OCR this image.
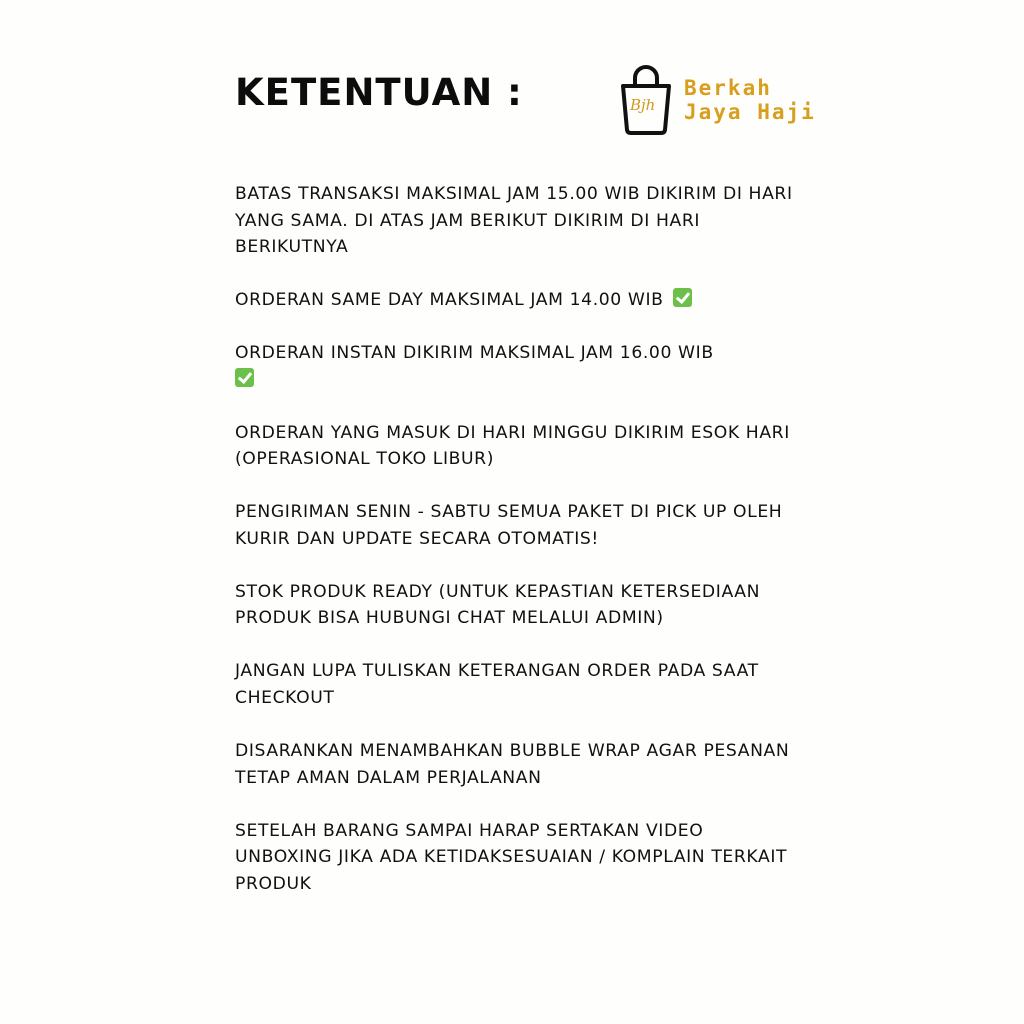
KETENTUAN :	Bjh
Berkah
Jaya Haji

BATAS TRANSAKSI MAKSIMAL JAM 15.00 WIB DIKIRIM DI HARI YANG SAMA. DI ATAS JAM BERIKUT DIKIRIM DI HARI BERIKUTNYA

ORDERAN SAME DAY MAKSIMAL JAM 14.00 WIB

ORDERAN INSTAN DIKIRIM MAKSIMAL JAM 16.00 WIB

ORDERAN YANG MASUK DI HARI MINGGU DIKIRIM ESOK HARI (OPERASIONAL TOKO LIBUR)

PENGIRIMAN SENIN - SABTU SEMUA PAKET DI PICK UP OLEH KURIR DAN UPDATE SECARA OTOMATIS!

STOK PRODUK READY (UNTUK KEPASTIAN KETERSEDIAAN PRODUK BISA HUBUNGI CHAT MELALUI ADMIN)

JANGAN LUPA TULISKAN KETERANGAN ORDER PADA SAAT CHECKOUT

DISARANKAN MENAMBAHKAN BUBBLE WRAP AGAR PESANAN TETAP AMAN DALAM PERJALANAN

SETELAH BARANG SAMPAI HARAP SERTAKAN VIDEO UNBOXING JIKA ADA KETIDAKSESUAIAN / KOMPLAIN TERKAIT PRODUK
